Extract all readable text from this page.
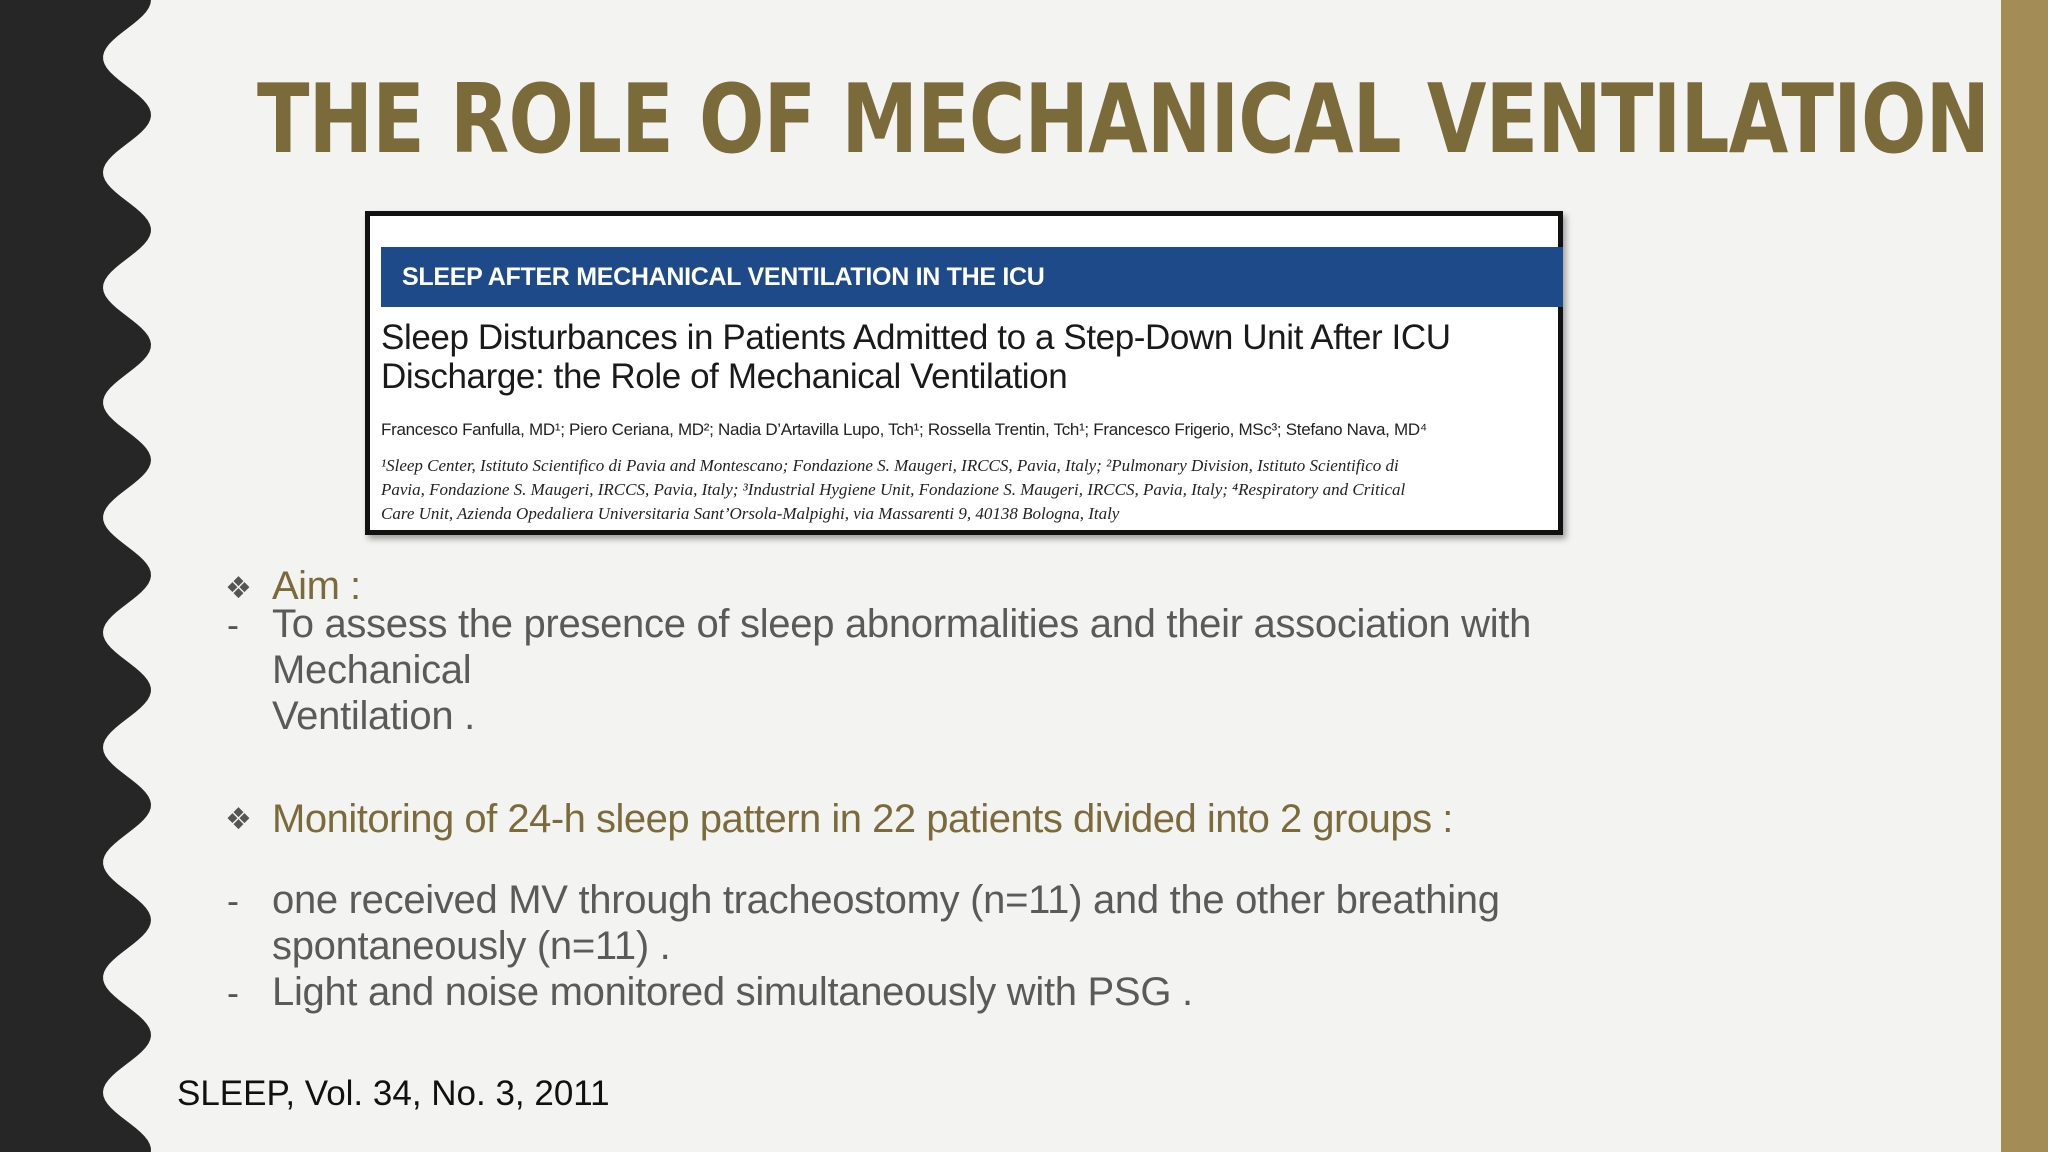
THE ROLE OF MECHANICAL VENTILATION
SLEEP AFTER MECHANICAL VENTILATION IN THE ICU
Sleep Disturbances in Patients Admitted to a Step-Down Unit After ICU
Discharge: the Role of Mechanical Ventilation
Francesco Fanfulla, MD¹; Piero Ceriana, MD²; Nadia D’Artavilla Lupo, Tch¹; Rossella Trentin, Tch¹; Francesco Frigerio, MSc³; Stefano Nava, MD⁴
¹Sleep Center, Istituto Scientifico di Pavia and Montescano; Fondazione S. Maugeri, IRCCS, Pavia, Italy; ²Pulmonary Division, Istituto Scientifico di
Pavia, Fondazione S. Maugeri, IRCCS, Pavia, Italy; ³Industrial Hygiene Unit, Fondazione S. Maugeri, IRCCS, Pavia, Italy; ⁴Respiratory and Critical
Care Unit, Azienda Opedaliera Universitaria Sant’Orsola-Malpighi, via Massarenti 9, 40138 Bologna, Italy
❖ Aim :
- To assess the presence of sleep abnormalities and their association with Mechanical
Ventilation .
❖ Monitoring of 24-h sleep pattern in 22 patients divided into 2 groups :
- one received MV through tracheostomy (n=11) and the other breathing
spontaneously (n=11) .
- Light and noise monitored simultaneously with PSG .
SLEEP, Vol. 34, No. 3, 2011
